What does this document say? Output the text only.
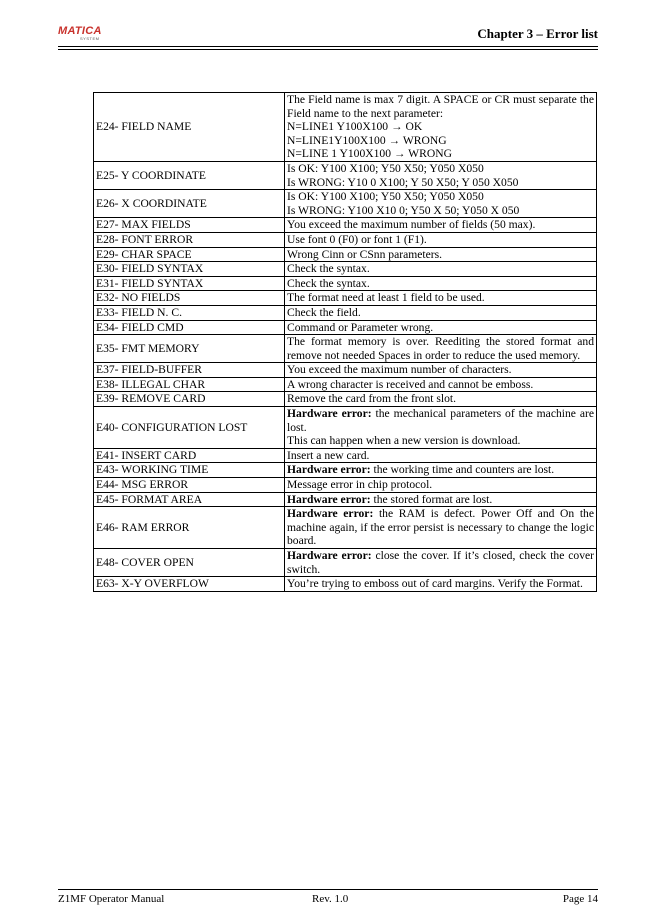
MATICA
SYSTEM	Chapter 3 – Error list
E24- FIELD NAME	The Field name is max 7 digit. A SPACE or CR must separate the Field name to the next parameter:
N=LINE1 Y100X100 → OK
N=LINE1Y100X100 → WRONG
N=LINE 1 Y100X100 → WRONG

E25- Y COORDINATE	Is OK: Y100 X100; Y50 X50; Y050 X050
Is WRONG: Y10 0 X100; Y 50 X50; Y 050 X050

E26- X COORDINATE	Is OK: Y100 X100; Y50 X50; Y050 X050
Is WRONG: Y100 X10 0; Y50 X 50; Y050 X 050

E27- MAX FIELDS	You exceed the maximum number of fields (50 max).

E28- FONT ERROR	Use font 0 (F0) or font 1 (F1).

E29- CHAR SPACE	Wrong Cinn or CSnn parameters.

E30- FIELD SYNTAX	Check the syntax.

E31- FIELD SYNTAX	Check the syntax.

E32- NO FIELDS	The format need at least 1 field to be used.

E33- FIELD N. C.	Check the field.

E34- FIELD CMD	Command or Parameter wrong.

E35- FMT MEMORY	The format memory is over. Reediting the stored format and remove not needed Spaces in order to reduce the used memory.

E37- FIELD-BUFFER	You exceed the maximum number of characters.

E38- ILLEGAL CHAR	A wrong character is received and cannot be emboss.

E39- REMOVE CARD	Remove the card from the front slot.

E40- CONFIGURATION LOST	Hardware error: the mechanical parameters of the machine are lost.
This can happen when a new version is download.

E41- INSERT CARD	Insert a new card.

E43- WORKING TIME	Hardware error: the working time and counters are lost.

E44- MSG ERROR	Message error in chip protocol.

E45- FORMAT AREA	Hardware error: the stored format are lost.

E46- RAM ERROR	Hardware error: the RAM is defect. Power Off and On the machine again, if the error persist is necessary to change the logic board.

E48- COVER OPEN	Hardware error: close the cover. If it’s closed, check the cover switch.

E63- X-Y OVERFLOW	You’re trying to emboss out of card margins. Verify the Format.
Z1MF Operator Manual	Rev. 1.0	Page 14
